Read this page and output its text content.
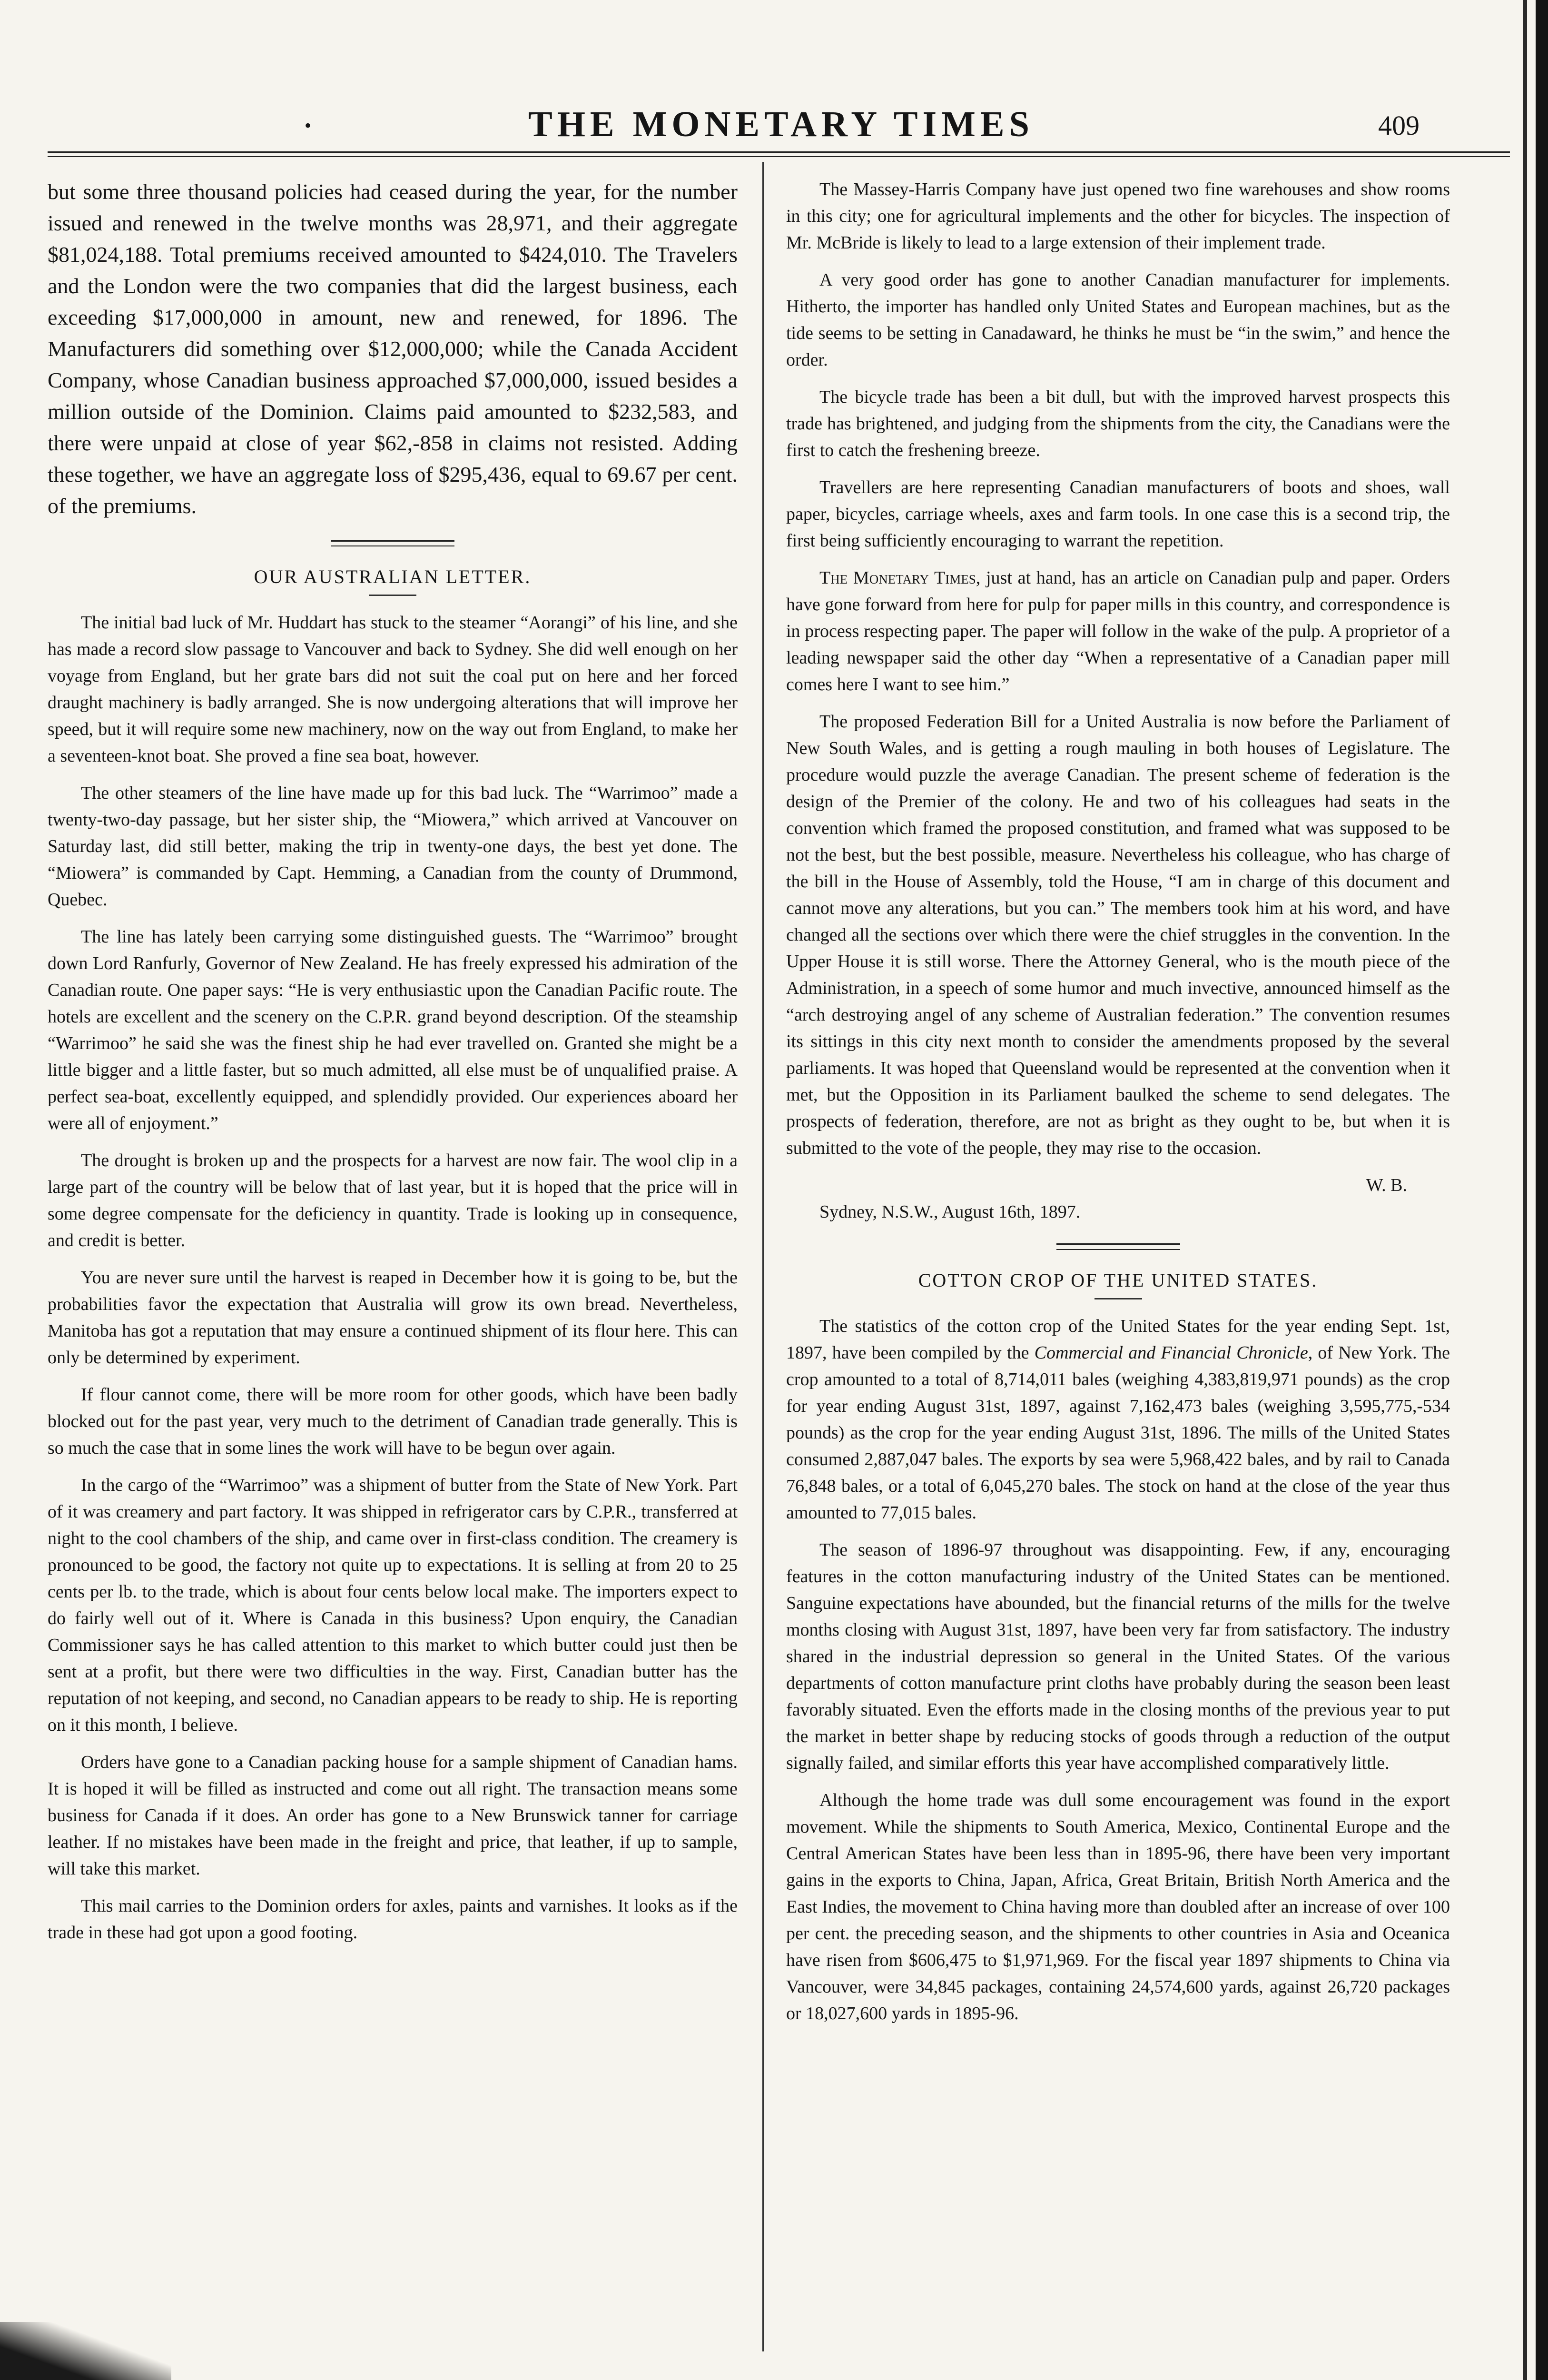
•	THE MONETARY TIMES	409

but some three thousand policies had ceased during the year, for the number issued and renewed in the twelve months was 28,971, and their aggregate $81,024,188. Total premiums received amounted to $424,010. The Travelers and the London were the two companies that did the largest business, each exceeding $17,000,000 in amount, new and renewed, for 1896. The Manufacturers did something over $12,000,000; while the Canada Accident Company, whose Canadian business approached $7,000,000, issued besides a million outside of the Dominion. Claims paid amounted to $232,583, and there were unpaid at close of year $62,-858 in claims not resisted. Adding these together, we have an aggregate loss of $295,436, equal to 69.67 per cent. of the premiums.

OUR AUSTRALIAN LETTER.

The initial bad luck of Mr. Huddart has stuck to the steamer “Aorangi” of his line, and she has made a record slow passage to Vancouver and back to Sydney. She did well enough on her voyage from England, but her grate bars did not suit the coal put on here and her forced draught machinery is badly arranged. She is now undergoing alterations that will improve her speed, but it will require some new machinery, now on the way out from England, to make her a seventeen-knot boat. She proved a fine sea boat, however.

The other steamers of the line have made up for this bad luck. The “Warrimoo” made a twenty-two-day passage, but her sister ship, the “Miowera,” which arrived at Vancouver on Saturday last, did still better, making the trip in twenty-one days, the best yet done. The “Miowera” is commanded by Capt. Hemming, a Canadian from the county of Drummond, Quebec.

The line has lately been carrying some distinguished guests. The “Warrimoo” brought down Lord Ranfurly, Governor of New Zealand. He has freely expressed his admiration of the Canadian route. One paper says: “He is very enthusiastic upon the Canadian Pacific route. The hotels are excellent and the scenery on the C.P.R. grand beyond description. Of the steamship “Warrimoo” he said she was the finest ship he had ever travelled on. Granted she might be a little bigger and a little faster, but so much admitted, all else must be of unqualified praise. A perfect sea-boat, excellently equipped, and splendidly provided. Our experiences aboard her were all of enjoyment.”

The drought is broken up and the prospects for a harvest are now fair. The wool clip in a large part of the country will be below that of last year, but it is hoped that the price will in some degree compensate for the deficiency in quantity. Trade is looking up in consequence, and credit is better.

You are never sure until the harvest is reaped in December how it is going to be, but the probabilities favor the expectation that Australia will grow its own bread. Nevertheless, Manitoba has got a reputation that may ensure a continued shipment of its flour here. This can only be determined by experiment.

If flour cannot come, there will be more room for other goods, which have been badly blocked out for the past year, very much to the detriment of Canadian trade generally. This is so much the case that in some lines the work will have to be begun over again.

In the cargo of the “Warrimoo” was a shipment of butter from the State of New York. Part of it was creamery and part factory. It was shipped in refrigerator cars by C.P.R., transferred at night to the cool chambers of the ship, and came over in first-class condition. The creamery is pronounced to be good, the factory not quite up to expectations. It is selling at from 20 to 25 cents per lb. to the trade, which is about four cents below local make. The importers expect to do fairly well out of it. Where is Canada in this business? Upon enquiry, the Canadian Commissioner says he has called attention to this market to which butter could just then be sent at a profit, but there were two difficulties in the way. First, Canadian butter has the reputation of not keeping, and second, no Canadian appears to be ready to ship. He is reporting on it this month, I believe.

Orders have gone to a Canadian packing house for a sample shipment of Canadian hams. It is hoped it will be filled as instructed and come out all right. The transaction means some business for Canada if it does. An order has gone to a New Brunswick tanner for carriage leather. If no mistakes have been made in the freight and price, that leather, if up to sample, will take this market.

This mail carries to the Dominion orders for axles, paints and varnishes. It looks as if the trade in these had got upon a good footing.

The Massey-Harris Company have just opened two fine warehouses and show rooms in this city; one for agricultural implements and the other for bicycles. The inspection of Mr. McBride is likely to lead to a large extension of their implement trade.

A very good order has gone to another Canadian manufacturer for implements. Hitherto, the importer has handled only United States and European machines, but as the tide seems to be setting in Canadaward, he thinks he must be “in the swim,” and hence the order.

The bicycle trade has been a bit dull, but with the improved harvest prospects this trade has brightened, and judging from the shipments from the city, the Canadians were the first to catch the freshening breeze.

Travellers are here representing Canadian manufacturers of boots and shoes, wall paper, bicycles, carriage wheels, axes and farm tools. In one case this is a second trip, the first being sufficiently encouraging to warrant the repetition.

The Monetary Times, just at hand, has an article on Canadian pulp and paper. Orders have gone forward from here for pulp for paper mills in this country, and correspondence is in process respecting paper. The paper will follow in the wake of the pulp. A proprietor of a leading newspaper said the other day “When a representative of a Canadian paper mill comes here I want to see him.”

The proposed Federation Bill for a United Australia is now before the Parliament of New South Wales, and is getting a rough mauling in both houses of Legislature. The procedure would puzzle the average Canadian. The present scheme of federation is the design of the Premier of the colony. He and two of his colleagues had seats in the convention which framed the proposed constitution, and framed what was supposed to be not the best, but the best possible, measure. Nevertheless his colleague, who has charge of the bill in the House of Assembly, told the House, “I am in charge of this document and cannot move any alterations, but you can.” The members took him at his word, and have changed all the sections over which there were the chief struggles in the convention. In the Upper House it is still worse. There the Attorney General, who is the mouth piece of the Administration, in a speech of some humor and much invective, announced himself as the “arch destroying angel of any scheme of Australian federation.” The convention resumes its sittings in this city next month to consider the amendments proposed by the several parliaments. It was hoped that Queensland would be represented at the convention when it met, but the Opposition in its Parliament baulked the scheme to send delegates. The prospects of federation, therefore, are not as bright as they ought to be, but when it is submitted to the vote of the people, they may rise to the occasion.

W. B.
Sydney, N.S.W., August 16th, 1897.
COTTON CROP OF THE UNITED STATES.

The statistics of the cotton crop of the United States for the year ending Sept. 1st, 1897, have been compiled by the Commercial and Financial Chronicle, of New York. The crop amounted to a total of 8,714,011 bales (weighing 4,383,819,971 pounds) as the crop for year ending August 31st, 1897, against 7,162,473 bales (weighing 3,595,775,-534 pounds) as the crop for the year ending August 31st, 1896. The mills of the United States consumed 2,887,047 bales. The exports by sea were 5,968,422 bales, and by rail to Canada 76,848 bales, or a total of 6,045,270 bales. The stock on hand at the close of the year thus amounted to 77,015 bales.

The season of 1896-97 throughout was disappointing. Few, if any, encouraging features in the cotton manufacturing industry of the United States can be mentioned. Sanguine expectations have abounded, but the financial returns of the mills for the twelve months closing with August 31st, 1897, have been very far from satisfactory. The industry shared in the industrial depression so general in the United States. Of the various departments of cotton manufacture print cloths have probably during the season been least favorably situated. Even the efforts made in the closing months of the previous year to put the market in better shape by reducing stocks of goods through a reduction of the output signally failed, and similar efforts this year have accomplished comparatively little.

Although the home trade was dull some encouragement was found in the export movement. While the shipments to South America, Mexico, Continental Europe and the Central American States have been less than in 1895-96, there have been very important gains in the exports to China, Japan, Africa, Great Britain, British North America and the East Indies, the movement to China having more than doubled after an increase of over 100 per cent. the preceding season, and the shipments to other countries in Asia and Oceanica have risen from $606,475 to $1,971,969. For the fiscal year 1897 shipments to China via Vancouver, were 34,845 packages, containing 24,574,600 yards, against 26,720 packages or 18,027,600 yards in 1895-96.
